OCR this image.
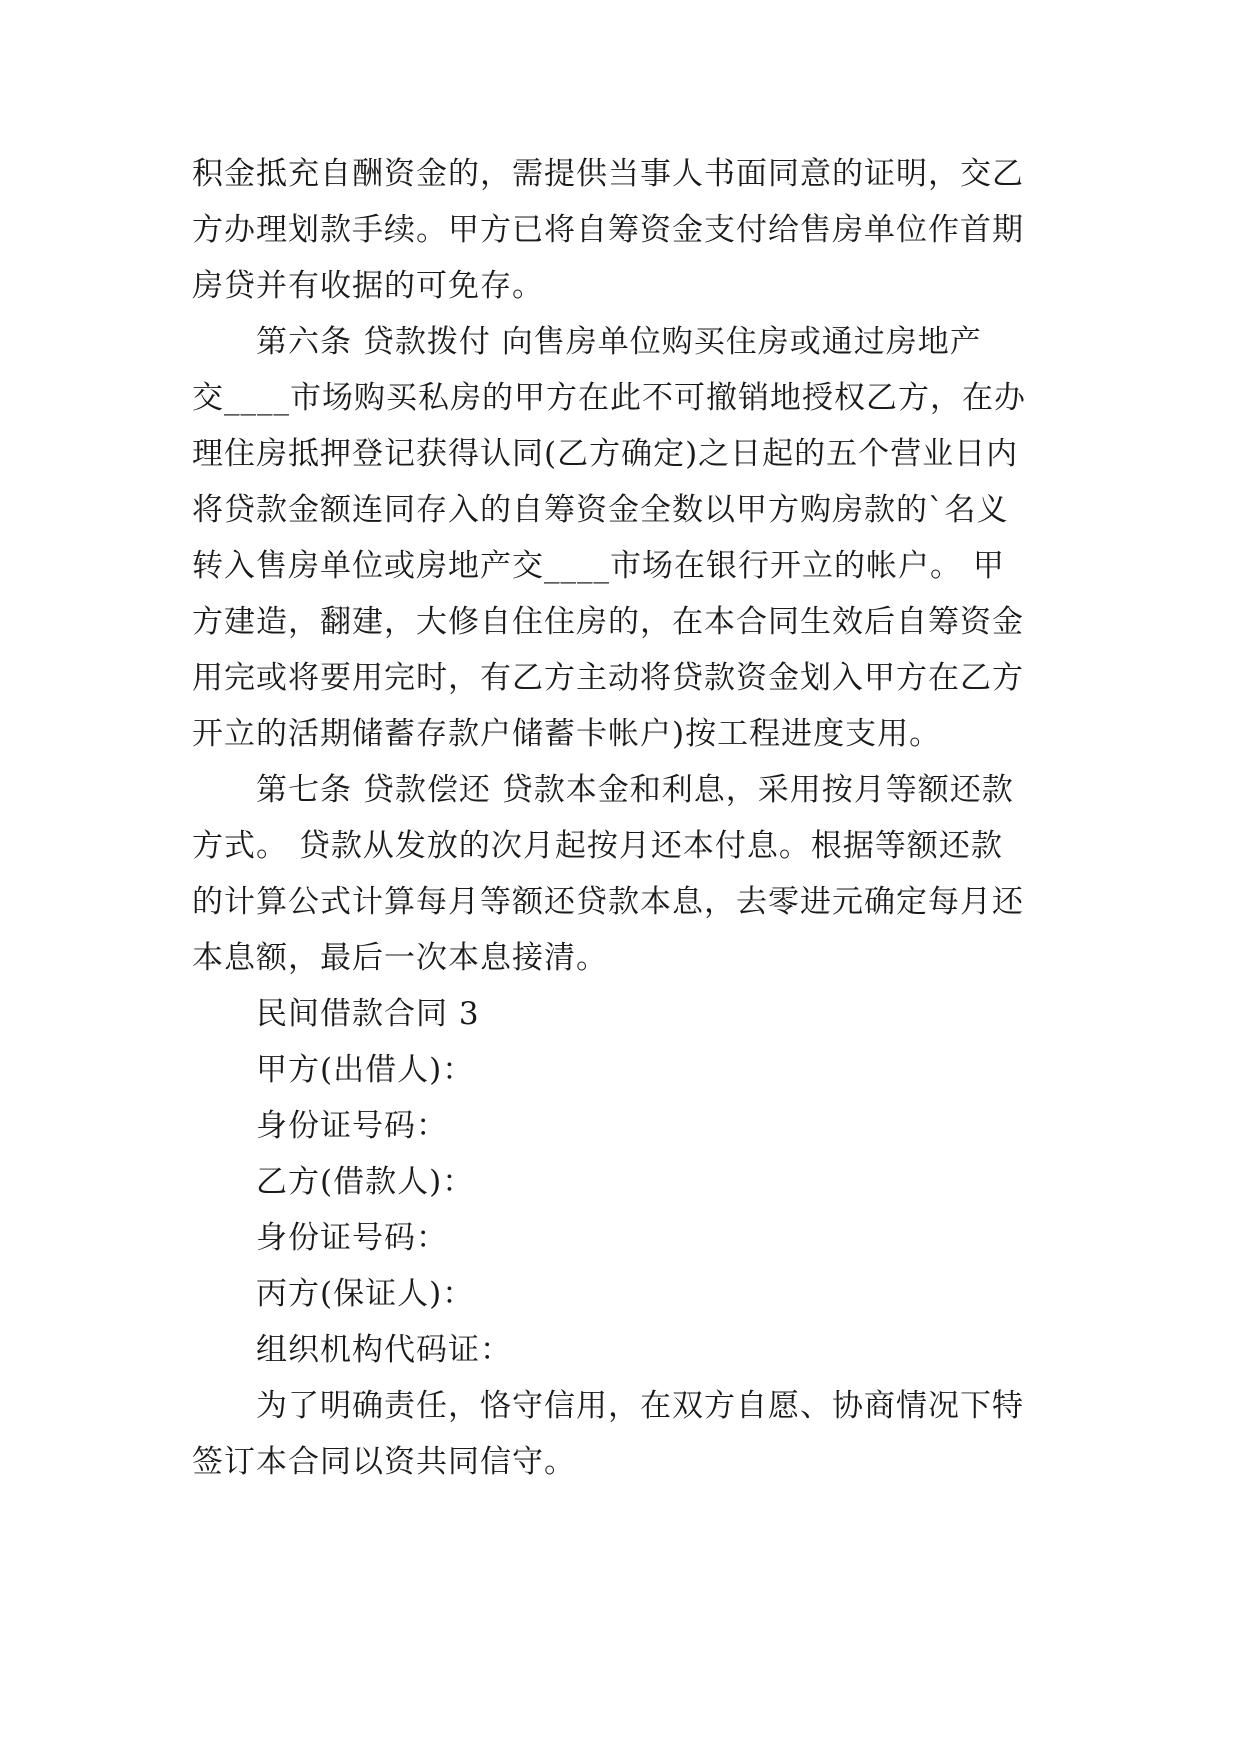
积金抵充自酬资金的，需提供当事人书面同意的证明，交乙
方办理划款手续。甲方已将自筹资金支付给售房单位作首期
房贷并有收据的可免存。
第六条 贷款拨付 向售房单位购买住房或通过房地产
交____市场购买私房的甲方在此不可撤销地授权乙方，在办
理住房抵押登记获得认同(乙方确定)之日起的五个营业日内
将贷款金额连同存入的自筹资金全数以甲方购房款的`名义
转入售房单位或房地产交____市场在银行开立的帐户。 甲
方建造，翻建，大修自住住房的，在本合同生效后自筹资金
用完或将要用完时，有乙方主动将贷款资金划入甲方在乙方
开立的活期储蓄存款户储蓄卡帐户)按工程进度支用。
第七条 贷款偿还 贷款本金和利息，采用按月等额还款
方式。 贷款从发放的次月起按月还本付息。根据等额还款
的计算公式计算每月等额还贷款本息，去零进元确定每月还
本息额，最后一次本息接清。
民间借款合同 3
甲方(出借人)：
身份证号码：
乙方(借款人)：
身份证号码：
丙方(保证人)：
组织机构代码证：
为了明确责任，恪守信用，在双方自愿、协商情况下特
签订本合同以资共同信守。
